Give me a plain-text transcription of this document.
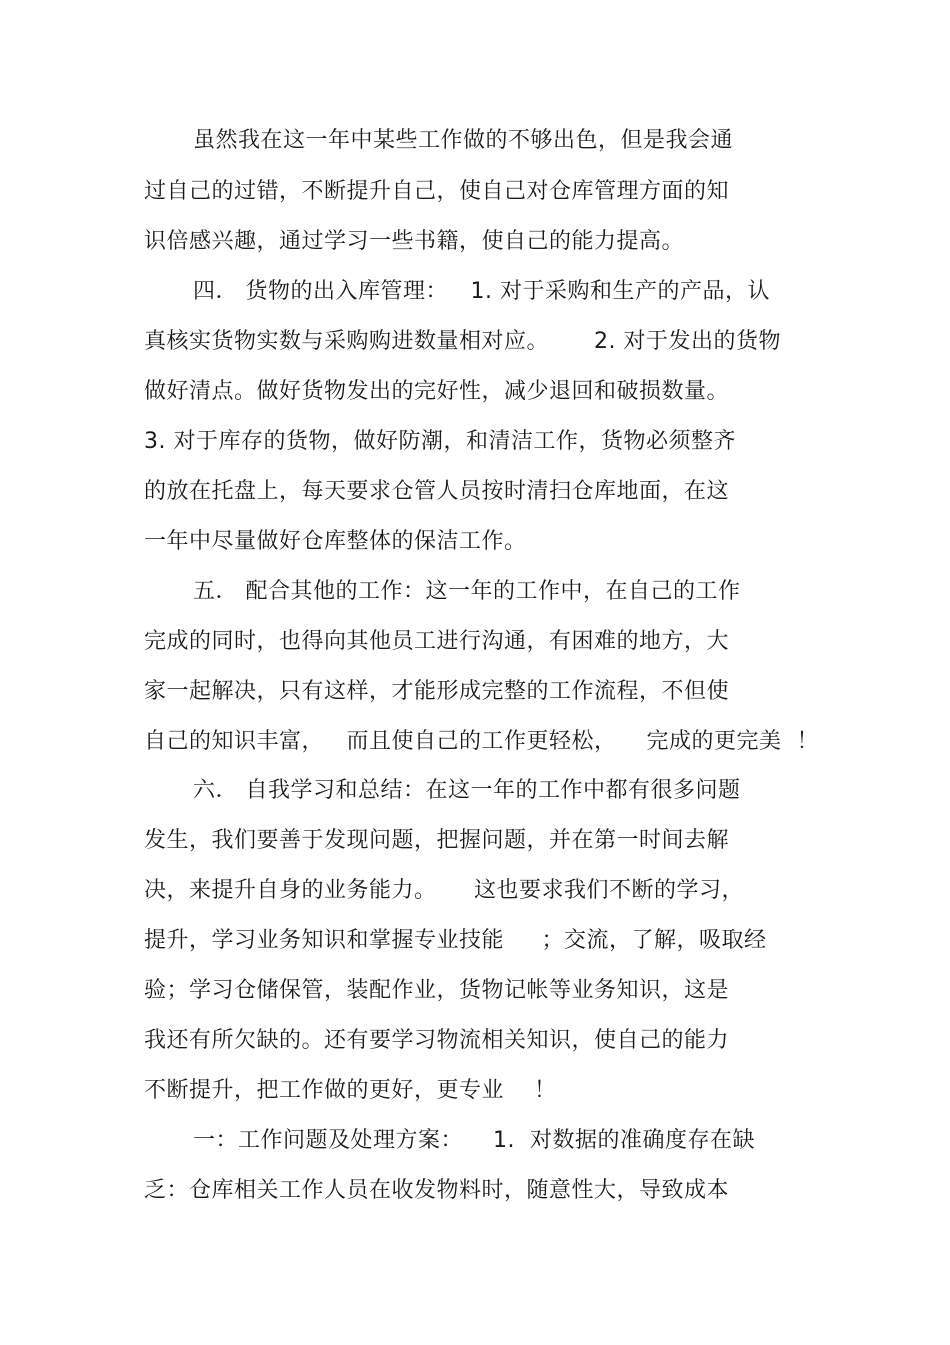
虽然我在这一年中某些工作做的不够出色，但是我会通
过自己的过错，不断提升自己，使自己对仓库管理方面的知
识倍感兴趣，通过学习一些书籍，使自己的能力提高。
四． 货物的出入库管理：   1. 对于采购和生产的产品，认
真核实货物实数与采购购进数量相对应。      2. 对于发出的货物
做好清点。做好货物发出的完好性，减少退回和破损数量。
3. 对于库存的货物，做好防潮，和清洁工作，货物必须整齐
的放在托盘上，每天要求仓管人员按时清扫仓库地面，在这
一年中尽量做好仓库整体的保洁工作。
五． 配合其他的工作：这一年的工作中，在自己的工作
完成的同时，也得向其他员工进行沟通，有困难的地方，大
家一起解决，只有这样，才能形成完整的工作流程，不但使
自己的知识丰富，   而且使自己的工作更轻松，    完成的更完美  ！
六． 自我学习和总结：在这一年的工作中都有很多问题
发生，我们要善于发现问题，把握问题，并在第一时间去解
决，来提升自身的业务能力。     这也要求我们不断的学习，
提升，学习业务知识和掌握专业技能     ；交流，了解，吸取经
验；学习仓储保管，装配作业，货物记帐等业务知识，这是
我还有所欠缺的。还有要学习物流相关知识，使自己的能力
不断提升，把工作做的更好，更专业    ！
一：工作问题及处理方案：    1.  对数据的准确度存在缺
乏：仓库相关工作人员在收发物料时，随意性大，导致成本
